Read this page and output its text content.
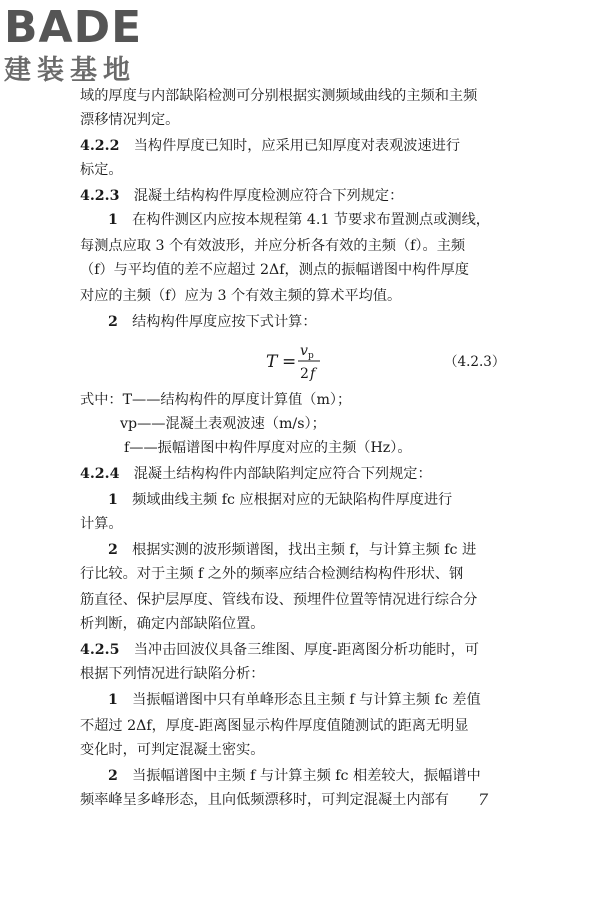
BADE
建装基地
域的厚度与内部缺陷检测可分别根据实测频域曲线的主频和主频
漂移情况判定。
4.2.2　当构件厚度已知时，应采用已知厚度对表观波速进行
标定。
4.2.3　混凝土结构构件厚度检测应符合下列规定：
1　在构件测区内应按本规程第 4.1 节要求布置测点或测线，
每测点应取 3 个有效波形，并应分析各有效的主频（f）。主频
（f）与平均值的差不应超过 2Δf，测点的振幅谱图中构件厚度
对应的主频（f）应为 3 个有效主频的算术平均值。
2　结构构件厚度应按下式计算：
T =
v p
2 f
（4.2.3）
式中：T——结构构件的厚度计算值（m）；
vp——混凝土表观波速（m/s）；
f——振幅谱图中构件厚度对应的主频（Hz）。
4.2.4　混凝土结构构件内部缺陷判定应符合下列规定：
1　频域曲线主频 fc 应根据对应的无缺陷构件厚度进行
计算。
2　根据实测的波形频谱图，找出主频 f，与计算主频 fc 进
行比较。对于主频 f 之外的频率应结合检测结构构件形状、钢
筋直径、保护层厚度、管线布设、预埋件位置等情况进行综合分
析判断，确定内部缺陷位置。
4.2.5　当冲击回波仪具备三维图、厚度-距离图分析功能时，可
根据下列情况进行缺陷分析：
1　当振幅谱图中只有单峰形态且主频 f 与计算主频 fc 差值
不超过 2Δf，厚度-距离图显示构件厚度值随测试的距离无明显
变化时，可判定混凝土密实。
2　当振幅谱图中主频 f 与计算主频 fc 相差较大，振幅谱中
频率峰呈多峰形态，且向低频漂移时，可判定混凝土内部有 7
